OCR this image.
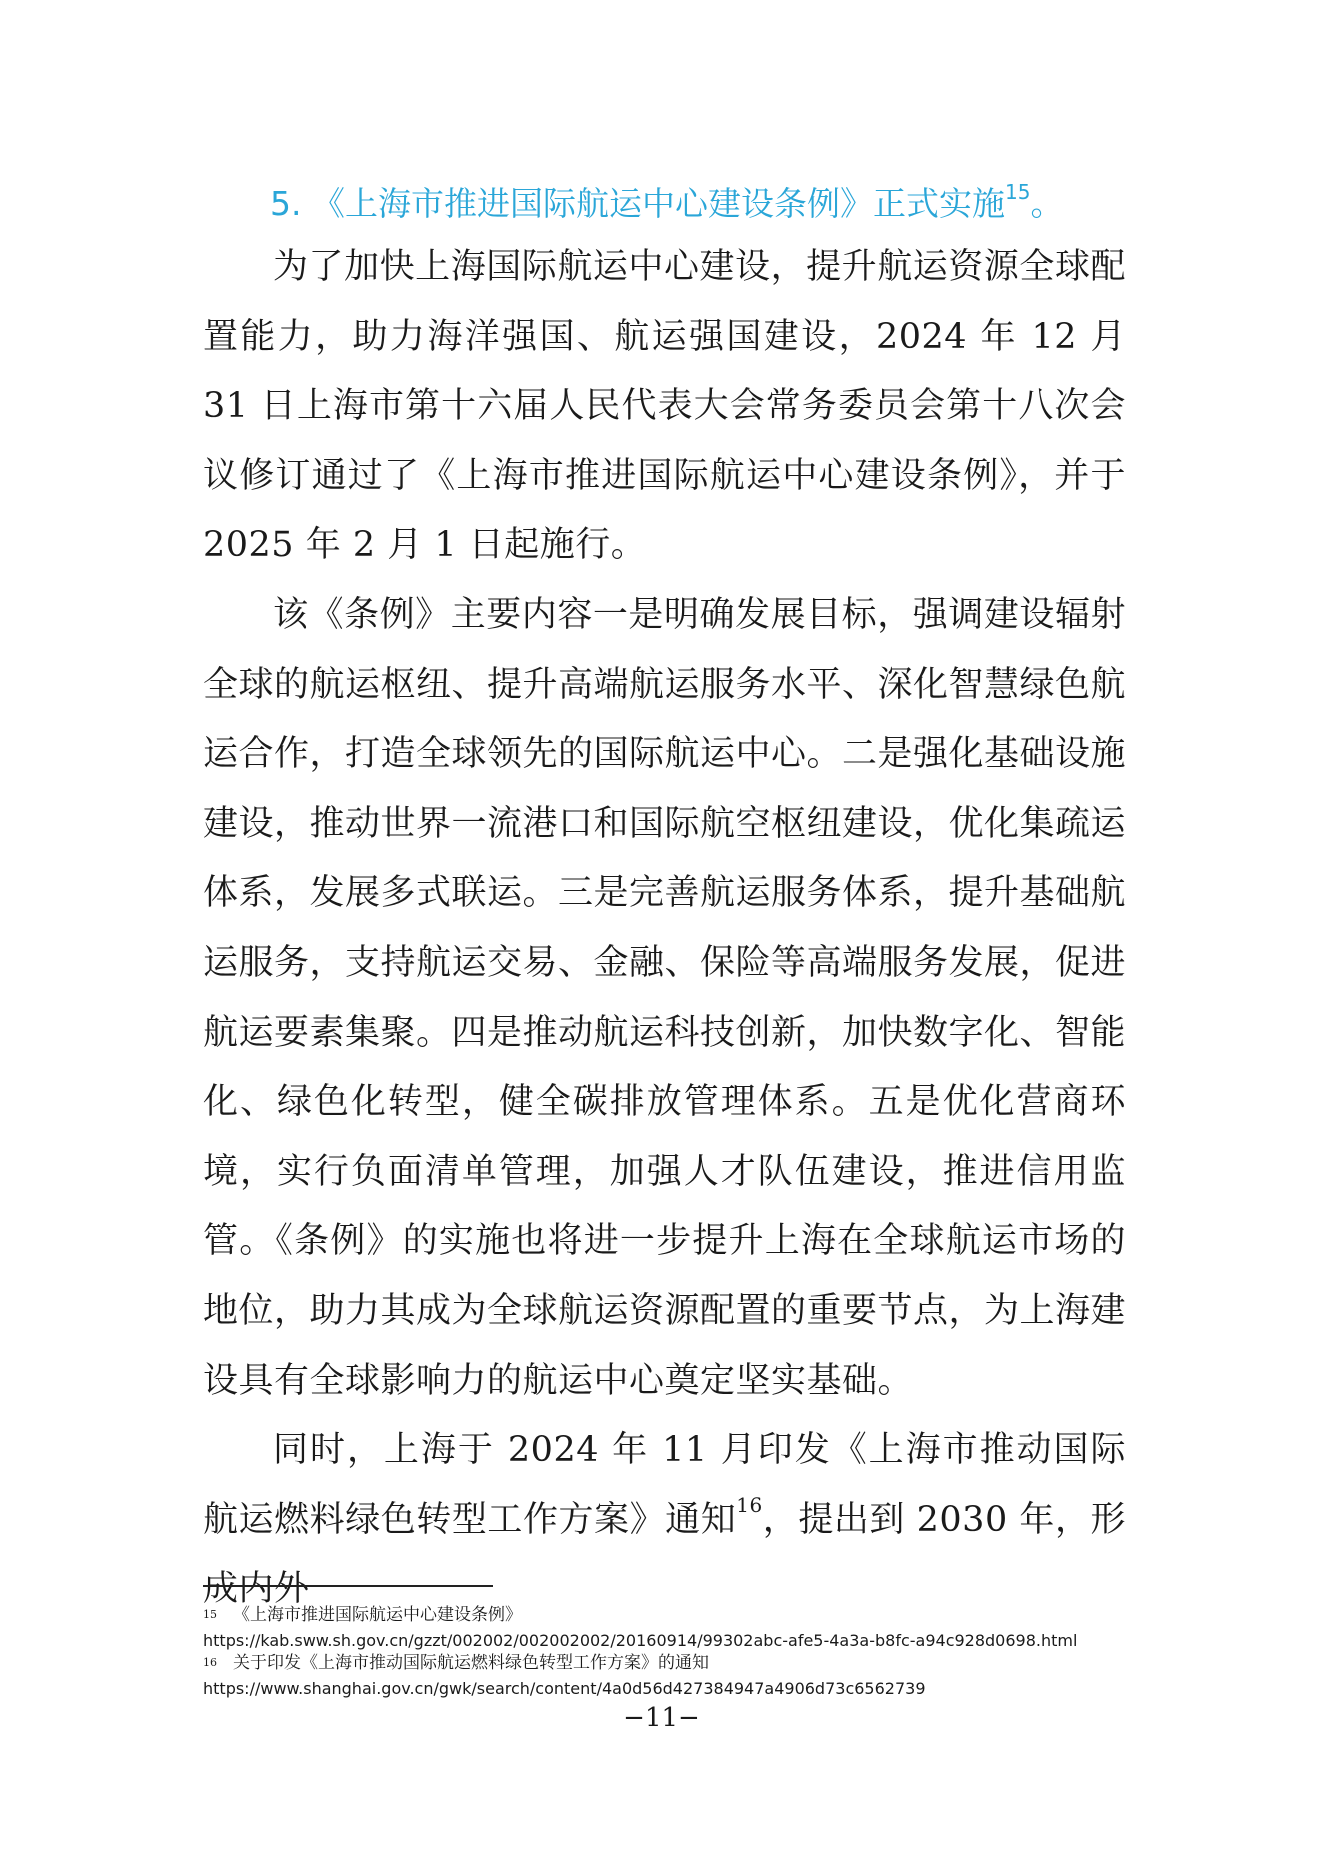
5. 《上海市推进国际航运中心建设条例》正式实施$^{15}$。

为了加快上海国际航运中心建设，提升航运资源全球配置能力，助力海洋强国、航运强国建设，2024 年 12 月 31 日上海市第十六届人民代表大会常务委员会第十八次会议修订通过了《上海市推进国际航运中心建设条例》，并于 2025 年 2 月 1 日起施行。

该《条例》主要内容一是明确发展目标，强调建设辐射全球的航运枢纽、提升高端航运服务水平、深化智慧绿色航运合作，打造全球领先的国际航运中心。二是强化基础设施建设，推动世界一流港口和国际航空枢纽建设，优化集疏运体系，发展多式联运。三是完善航运服务体系，提升基础航运服务，支持航运交易、金融、保险等高端服务发展，促进航运要素集聚。四是推动航运科技创新，加快数字化、智能化、绿色化转型，健全碳排放管理体系。五是优化营商环境，实行负面清单管理，加强人才队伍建设，推进信用监管。《条例》的实施也将进一步提升上海在全球航运市场的地位，助力其成为全球航运资源配置的重要节点，为上海建设具有全球影响力的航运中心奠定坚实基础。

同时，上海于 2024 年 11 月印发《上海市推动国际航运燃料绿色转型工作方案》通知$^{16}$，提出到 2030 年，形成内外

15 《上海市推进国际航运中心建设条例》
https://kab.sww.sh.gov.cn/gzzt/002002/002002002/20160914/99302abc-afe5-4a3a-b8fc-a94c928d0698.html
16 关于印发《上海市推动国际航运燃料绿色转型工作方案》的通知
https://www.shanghai.gov.cn/gwk/search/content/4a0d56d427384947a4906d73c6562739
−11−
